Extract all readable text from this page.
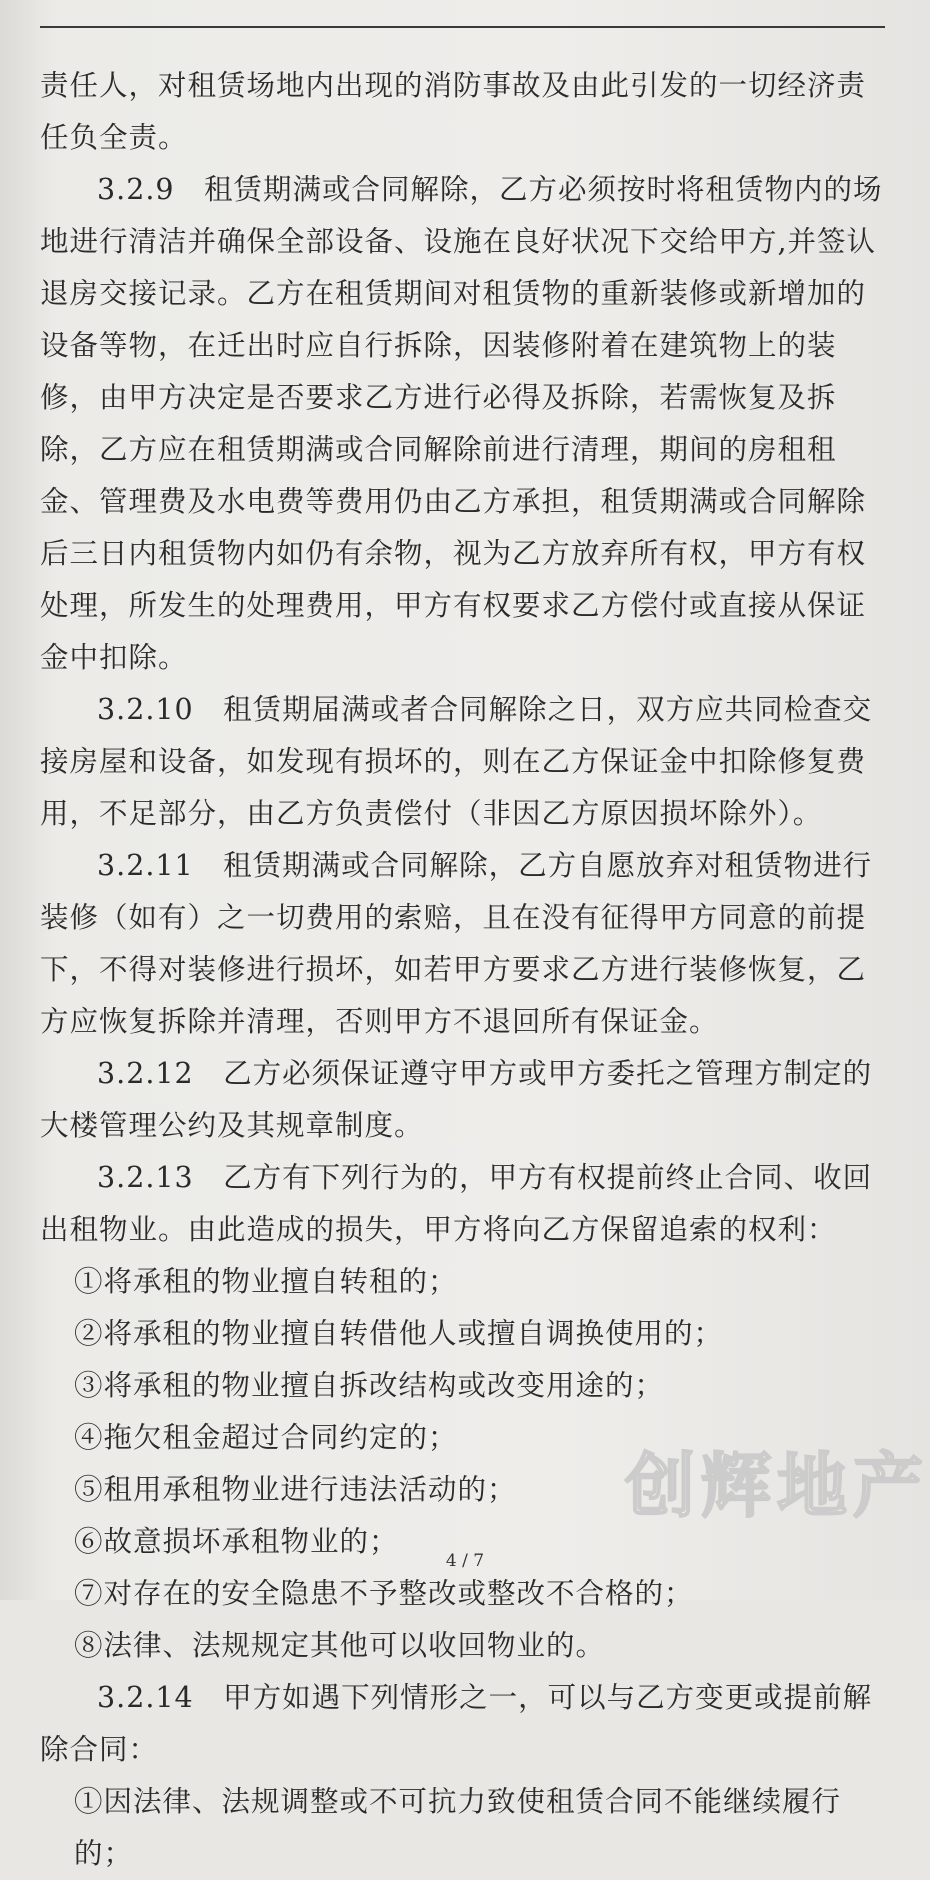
责任人，对租赁场地内出现的消防事故及由此引发的一切经济责任负全责。

3.2.9　租赁期满或合同解除，乙方必须按时将租赁物内的场地进行清洁并确保全部设备、设施在良好状况下交给甲方,并签认退房交接记录。乙方在租赁期间对租赁物的重新装修或新增加的设备等物，在迁出时应自行拆除，因装修附着在建筑物上的装修，由甲方决定是否要求乙方进行必得及拆除，若需恢复及拆除，乙方应在租赁期满或合同解除前进行清理，期间的房租租金、管理费及水电费等费用仍由乙方承担，租赁期满或合同解除后三日内租赁物内如仍有余物，视为乙方放弃所有权，甲方有权处理，所发生的处理费用，甲方有权要求乙方偿付或直接从保证金中扣除。

3.2.10　租赁期届满或者合同解除之日，双方应共同检查交接房屋和设备，如发现有损坏的，则在乙方保证金中扣除修复费用，不足部分，由乙方负责偿付（非因乙方原因损坏除外）。

3.2.11　租赁期满或合同解除，乙方自愿放弃对租赁物进行装修（如有）之一切费用的索赔，且在没有征得甲方同意的前提下，不得对装修进行损坏，如若甲方要求乙方进行装修恢复，乙方应恢复拆除并清理，否则甲方不退回所有保证金。

3.2.12　乙方必须保证遵守甲方或甲方委托之管理方制定的大楼管理公约及其规章制度。

3.2.13　乙方有下列行为的，甲方有权提前终止合同、收回出租物业。由此造成的损失，甲方将向乙方保留追索的权利：

①将承租的物业擅自转租的；

②将承租的物业擅自转借他人或擅自调换使用的；

③将承租的物业擅自拆改结构或改变用途的；

④拖欠租金超过合同约定的；

⑤租用承租物业进行违法活动的；

⑥故意损坏承租物业的；

⑦对存在的安全隐患不予整改或整改不合格的；

⑧法律、法规规定其他可以收回物业的。

3.2.14　甲方如遇下列情形之一，可以与乙方变更或提前解除合同：

①因法律、法规调整或不可抗力致使租赁合同不能继续履行的；

4 / 7
创辉地产
